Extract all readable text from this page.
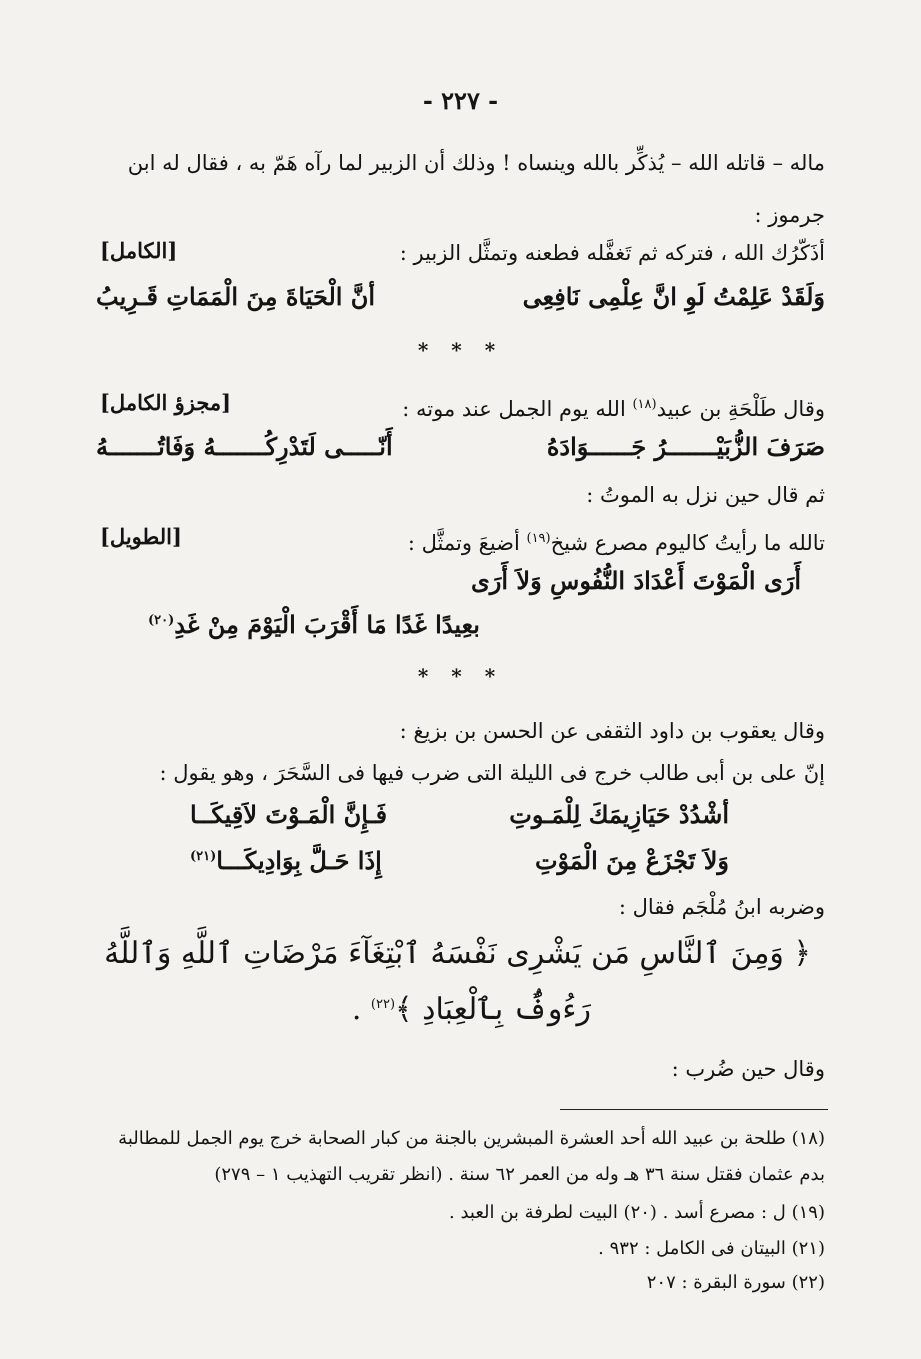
- ٢٢٧ -
ماله – قاتله الله – يُذكِّر بالله وينساه ! وذلك أن الزبير لما رآه هَمّ به ، فقال له ابن
جرموز :
أذَكّرُك الله ، فتركه ثم تَغفَّله فطعنه وتمثَّل الزبير :
[الكامل]
وَلَقَدْ عَلِمْتُ لَوِ انَّ عِلْمِى نَافِعِى
أنَّ الْحَيَاةَ مِنَ الْمَمَاتِ قَـرِيبُ
* * *
وقال طَلْحَةِ بن عبيد$^{(١٨)}$ الله يوم الجمل عند موته :
[مجزؤ الكامل]
صَرَفَ الزُّبَيْـــــــرُ جَــــــوَادَهُ
أَنّـــــى لَتَدْرِكُـــــــهُ وَفَاتُـــــــهُ
ثم قال حين نزل به الموتُ :
تالله ما رأيتُ كاليوم مصرع شيخ$^{(١٩)}$ أضيعَ وتمثَّل :
[الطويل]
أَرَى الْمَوْتَ أَعْدَادَ النُّفُوسِ وَلاَ أَرَى
بعِيدًا غَدًا مَا أَقْرَبَ الْيَوْمَ مِنْ غَدِ$^{(٢٠)}$
* * *
وقال يعقوب بن داود الثقفى عن الحسن بن بزيغ :
إنّ على بن أبى طالب خرج فى الليلة التى ضرب فيها فى السَّحَرَ ، وهو يقول :
أشْدُدْ حَيَازِيمَكَ لِلْمَـوتِ
فَـإِنَّ الْمَـوْتَ لاَقِيكَــا
وَلاَ تَجْزَعْ مِنَ الْمَوْتِ
إِذَا حَـلَّ بِوَادِيكَـــا$^{(٢١)}$
وضربه ابنُ مُلْجَم فقال :
﴿ وَمِنَ ٱلنَّاسِ مَن يَشْرِى نَفْسَهُ ٱبْتِغَآءَ مَرْضَاتِ ٱللَّهِ وَٱللَّهُ
رَءُوفٌۢ بِٱلْعِبَادِ ﴾$^{(٢٢)}$ .
وقال حين ضُرب :
(١٨) طلحة بن عبيد الله أحد العشرة المبشرين بالجنة من كبار الصحابة خرج يوم الجمل للمطالبة
بدم عثمان فقتل سنة ٣٦ هـ وله من العمر ٦٢ سنة . (انظر تقريب التهذيب ١ – ٢٧٩)
(١٩) ل : مصرع أسد . (٢٠) البيت لطرفة بن العبد .
(٢١) البيتان فى الكامل : ٩٣٢ .
(٢٢) سورة البقرة : ٢٠٧
